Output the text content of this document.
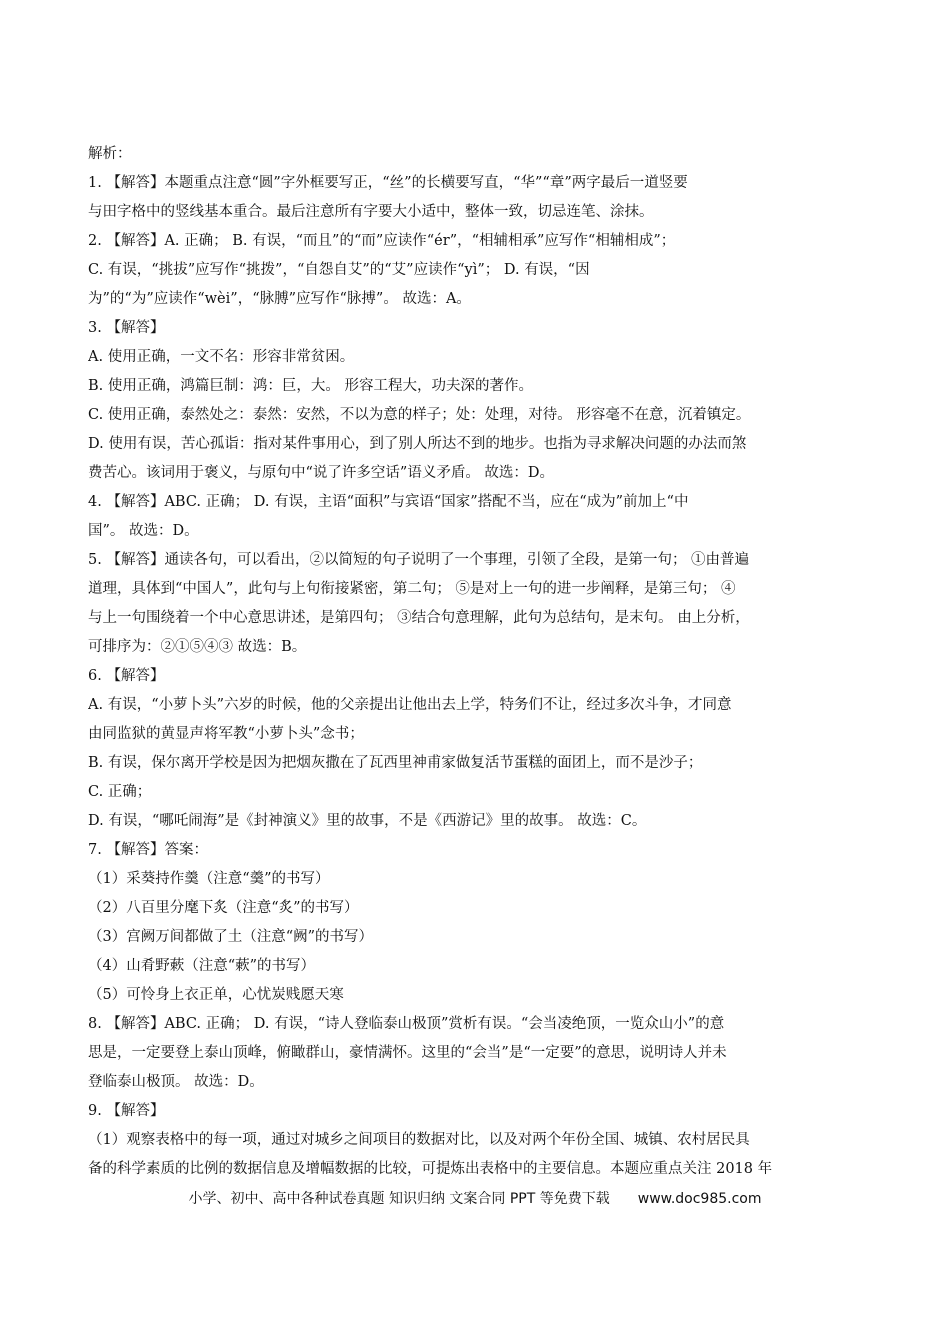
解析：
1. 【解答】本题重点注意“圆”字外框要写正，“丝”的长横要写直，“华”“章”两字最后一道竖要
与田字格中的竖线基本重合。最后注意所有字要大小适中，整体一致，切忌连笔、涂抹。
2. 【解答】A. 正确； B. 有误，“而且”的“而”应读作“ér”，“相辅相承”应写作“相辅相成”；
C. 有误，“挑拔”应写作“挑拨”，“自怨自艾”的“艾”应读作“yì”； D. 有误，“因
为”的“为”应读作“wèi”，“脉膊”应写作“脉搏”。 故选：A。
3. 【解答】
A. 使用正确，一文不名：形容非常贫困。
B. 使用正确，鸿篇巨制：鸿：巨，大。 形容工程大，功夫深的著作。
C. 使用正确，泰然处之：泰然：安然，不以为意的样子；处：处理，对待。 形容毫不在意，沉着镇定。
D. 使用有误，苦心孤诣：指对某件事用心，到了别人所达不到的地步。也指为寻求解决问题的办法而煞
费苦心。该词用于褒义，与原句中“说了许多空话”语义矛盾。 故选：D。
4. 【解答】ABC. 正确； D. 有误，主语“面积”与宾语“国家”搭配不当，应在“成为”前加上“中
国”。 故选：D。
5. 【解答】通读各句，可以看出，②以简短的句子说明了一个事理，引领了全段，是第一句； ①由普遍
道理，具体到“中国人”，此句与上句衔接紧密，第二句； ⑤是对上一句的进一步阐释，是第三句； ④
与上一句围绕着一个中心意思讲述，是第四句； ③结合句意理解，此句为总结句，是末句。 由上分析，
可排序为：②①⑤④③ 故选：B。
6. 【解答】
A. 有误，“小萝卜头”六岁的时候，他的父亲提出让他出去上学，特务们不让，经过多次斗争，才同意
由同监狱的黄显声将军教“小萝卜头”念书；
B. 有误，保尔离开学校是因为把烟灰撒在了瓦西里神甫家做复活节蛋糕的面团上，而不是沙子；
C. 正确；
D. 有误，“哪吒闹海”是《封神演义》里的故事，不是《西游记》里的故事。 故选：C。
7. 【解答】答案：
（1）采葵持作羹（注意“羹”的书写）
（2）八百里分麾下炙（注意“炙”的书写）
（3）宫阙万间都做了土（注意“阙”的书写）
（4）山肴野蔌（注意“蔌”的书写）
（5）可怜身上衣正单，心忧炭贱愿天寒
8. 【解答】ABC. 正确； D. 有误，“诗人登临泰山极顶”赏析有误。“会当凌绝顶，一览众山小”的意
思是，一定要登上泰山顶峰，俯瞰群山，豪情满怀。这里的“会当”是“一定要”的意思，说明诗人并未
登临泰山极顶。 故选：D。
9. 【解答】
（1）观察表格中的每一项，通过对城乡之间项目的数据对比，以及对两个年份全国、城镇、农村居民具
备的科学素质的比例的数据信息及增幅数据的比较，可提炼出表格中的主要信息。本题应重点关注 2018 年
小学、初中、高中各种试卷真题 知识归纳 文案合同 PPT 等免费下载 www.doc985.com
